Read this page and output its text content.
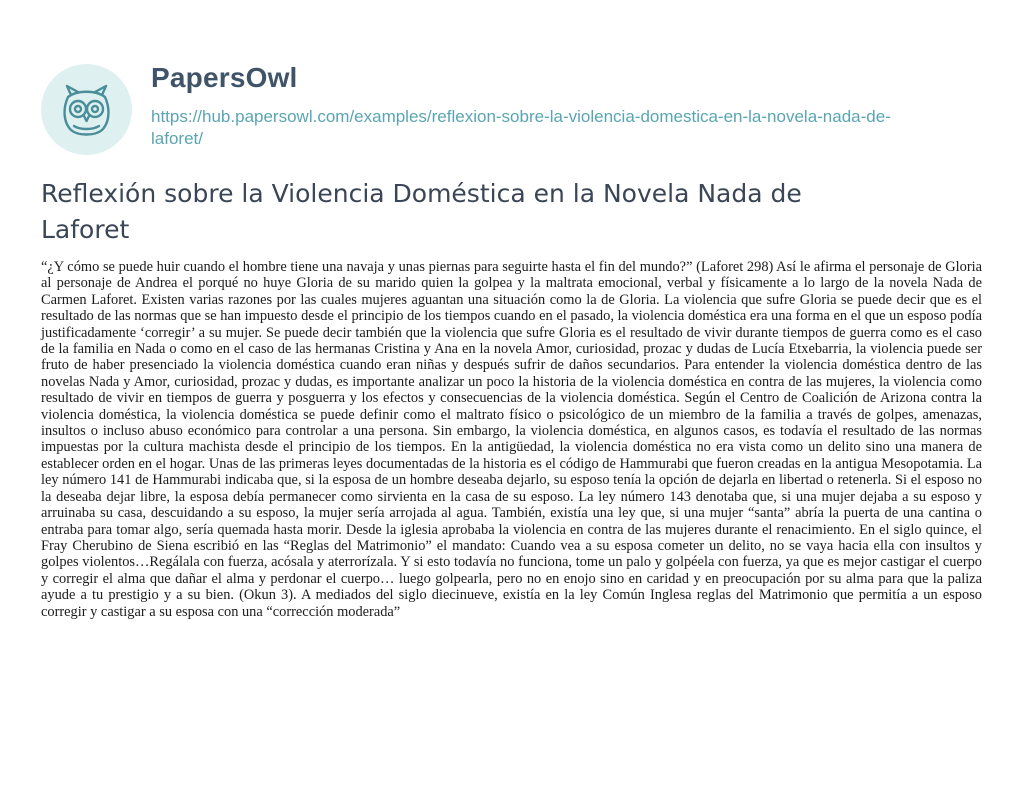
PapersOwl
https://hub.papersowl.com/examples/reflexion-sobre-la-violencia-domestica-en-la-novela-nada-de-laforet/
Reflexión sobre la Violencia Doméstica en la Novela Nada de Laforet

“¿Y cómo se puede huir cuando el hombre tiene una navaja y unas piernas para seguirte hasta el fin del mundo?” (Laforet 298) Así le afirma el personaje de Gloria al personaje de Andrea el porqué no huye Gloria de su marido quien la golpea y la maltrata emocional, verbal y físicamente a lo largo de la novela Nada de Carmen Laforet. Existen varias razones por las cuales mujeres aguantan una situación como la de Gloria. La violencia que sufre Gloria se puede decir que es el resultado de las normas que se han impuesto desde el principio de los tiempos cuando en el pasado, la violencia doméstica era una forma en el que un esposo podía justificadamente ‘corregir’ a su mujer. Se puede decir también que la violencia que sufre Gloria es el resultado de vivir durante tiempos de guerra como es el caso de la familia en Nada o como en el caso de las hermanas Cristina y Ana en la novela Amor, curiosidad, prozac y dudas de Lucía Etxebarria, la violencia puede ser fruto de haber presenciado la violencia doméstica cuando eran niñas y después sufrir de daños secundarios. Para entender la violencia doméstica dentro de las novelas Nada y Amor, curiosidad, prozac y dudas, es importante analizar un poco la historia de la violencia doméstica en contra de las mujeres, la violencia como resultado de vivir en tiempos de guerra y posguerra y los efectos y consecuencias de la violencia doméstica. Según el Centro de Coalición de Arizona contra la violencia doméstica, la violencia doméstica se puede definir como el maltrato físico o psicológico de un miembro de la familia a través de golpes, amenazas, insultos o incluso abuso económico para controlar a una persona. Sin embargo, la violencia doméstica, en algunos casos, es todavía el resultado de las normas impuestas por la cultura machista desde el principio de los tiempos. En la antigüedad, la violencia doméstica no era vista como un delito sino una manera de establecer orden en el hogar. Unas de las primeras leyes documentadas de la historia es el código de Hammurabi que fueron creadas en la antigua Mesopotamia. La ley número 141 de Hammurabi indicaba que, si la esposa de un hombre deseaba dejarlo, su esposo tenía la opción de dejarla en libertad o retenerla. Si el esposo no la deseaba dejar libre, la esposa debía permanecer como sirvienta en la casa de su esposo. La ley número 143 denotaba que, si una mujer dejaba a su esposo y arruinaba su casa, descuidando a su esposo, la mujer sería arrojada al agua. También, existía una ley que, si una mujer “santa” abría la puerta de una cantina o entraba para tomar algo, sería quemada hasta morir. Desde la iglesia aprobaba la violencia en contra de las mujeres durante el renacimiento. En el siglo quince, el Fray Cherubino de Siena escribió en las “Reglas del Matrimonio” el mandato: Cuando vea a su esposa cometer un delito, no se vaya hacia ella con insultos y golpes violentos…Regálala con fuerza, acósala y aterrorízala. Y si esto todavía no funciona, tome un palo y golpéela con fuerza, ya que es mejor castigar el cuerpo y corregir el alma que dañar el alma y perdonar el cuerpo… luego golpearla, pero no en enojo sino en caridad y en preocupación por su alma para que la paliza ayude a tu prestigio y a su bien. (Okun 3). A mediados del siglo diecinueve, existía en la ley Común Inglesa reglas del Matrimonio que permitía a un esposo corregir y castigar a su esposa con una “corrección moderada”
